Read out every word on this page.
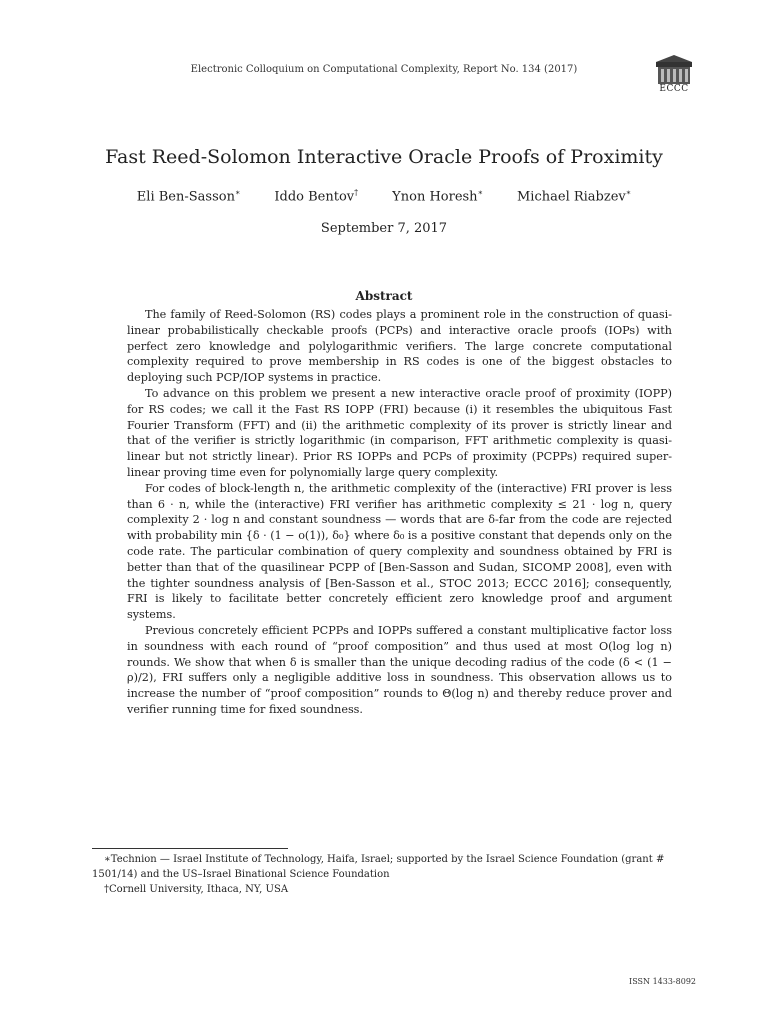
Electronic Colloquium on Computational Complexity, Report No. 134 (2017)
ECCC
Fast Reed-Solomon Interactive Oracle Proofs of Proximity
Eli Ben-Sasson∗	Iddo Bentov†	Ynon Horesh∗	Michael Riabzev∗
September 7, 2017
Abstract

The family of Reed-Solomon (RS) codes plays a prominent role in the construction of quasi-linear probabilistically checkable proofs (PCPs) and interactive oracle proofs (IOPs) with perfect zero knowledge and polylogarithmic verifiers. The large concrete computational complexity required to prove membership in RS codes is one of the biggest obstacles to deploying such PCP/IOP systems in practice.

To advance on this problem we present a new interactive oracle proof of proximity (IOPP) for RS codes; we call it the Fast RS IOPP (FRI) because (i) it resembles the ubiquitous Fast Fourier Transform (FFT) and (ii) the arithmetic complexity of its prover is strictly linear and that of the verifier is strictly logarithmic (in comparison, FFT arithmetic complexity is quasi-linear but not strictly linear). Prior RS IOPPs and PCPs of proximity (PCPPs) required super-linear proving time even for polynomially large query complexity.

For codes of block-length n, the arithmetic complexity of the (interactive) FRI prover is less than 6 · n, while the (interactive) FRI verifier has arithmetic complexity ≤ 21 · log n, query complexity 2 · log n and constant soundness — words that are δ-far from the code are rejected with probability min {δ · (1 − o(1)), δ₀} where δ₀ is a positive constant that depends only on the code rate. The particular combination of query complexity and soundness obtained by FRI is better than that of the quasilinear PCPP of [Ben-Sasson and Sudan, SICOMP 2008], even with the tighter soundness analysis of [Ben-Sasson et al., STOC 2013; ECCC 2016]; consequently, FRI is likely to facilitate better concretely efficient zero knowledge proof and argument systems.

Previous concretely efficient PCPPs and IOPPs suffered a constant multiplicative factor loss in soundness with each round of “proof composition” and thus used at most O(log log n) rounds. We show that when δ is smaller than the unique decoding radius of the code (δ < (1 − ρ)/2), FRI suffers only a negligible additive loss in soundness. This observation allows us to increase the number of “proof composition” rounds to Θ(log n) and thereby reduce prover and verifier running time for fixed soundness.

∗Technion — Israel Institute of Technology, Haifa, Israel; supported by the Israel Science Foundation (grant # 1501/14) and the US–Israel Binational Science Foundation

†Cornell University, Ithaca, NY, USA

ISSN 1433-8092
